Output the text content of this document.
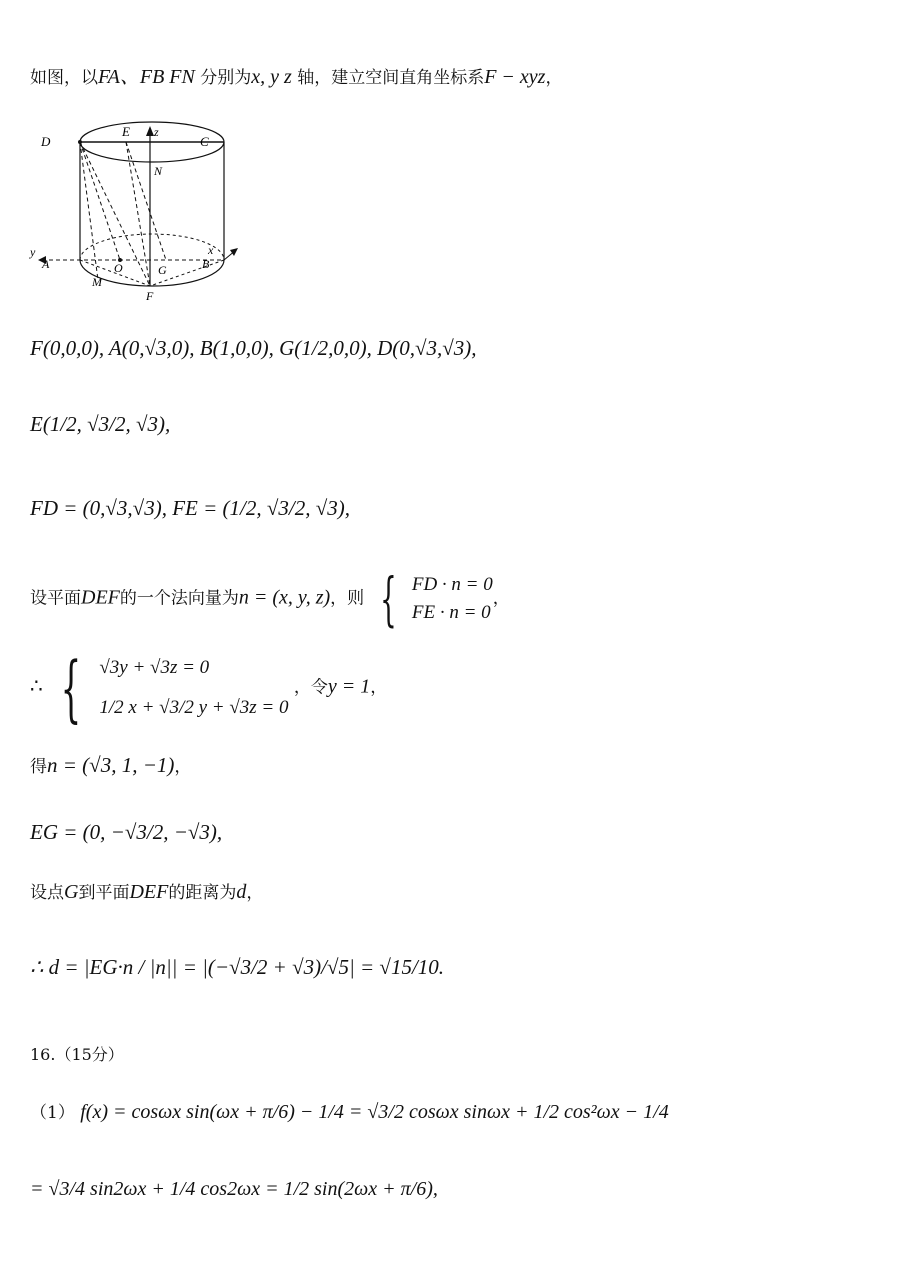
如图，以FA、FB FN 分别为x, y z 轴，建立空间直角坐标系F − xyz，
D
E z
C
N
y
A	O	G	B
x
M
F
F(0,0,0), A(0,√3,0), B(1,0,0), G(1/2,0,0), D(0,√3,√3),
E(1/2, √3/2, √3),
FD = (0,√3,√3), FE = (1/2, √3/2, √3),
设平面DEF的一个法向量为n = (x, y, z)，则 { FD · n = 0
FE · n = 0
，
∴ { √3y + √3z = 0
1/2 x + √3/2 y + √3z = 0
，令y = 1，
得n = (√3, 1, −1)，
EG = (0, −√3/2, −√3),
设点G到平面DEF的距离为d，
∴ d = |EG·n / |n|| = |(−√3/2 + √3)/√5| = √15/10.
16.（15分）
（1） f(x) = cosωx sin(ωx + π/6) − 1/4 = √3/2 cosωx sinωx + 1/2 cos²ωx − 1/4
= √3/4 sin2ωx + 1/4 cos2ωx = 1/2 sin(2ωx + π/6),
